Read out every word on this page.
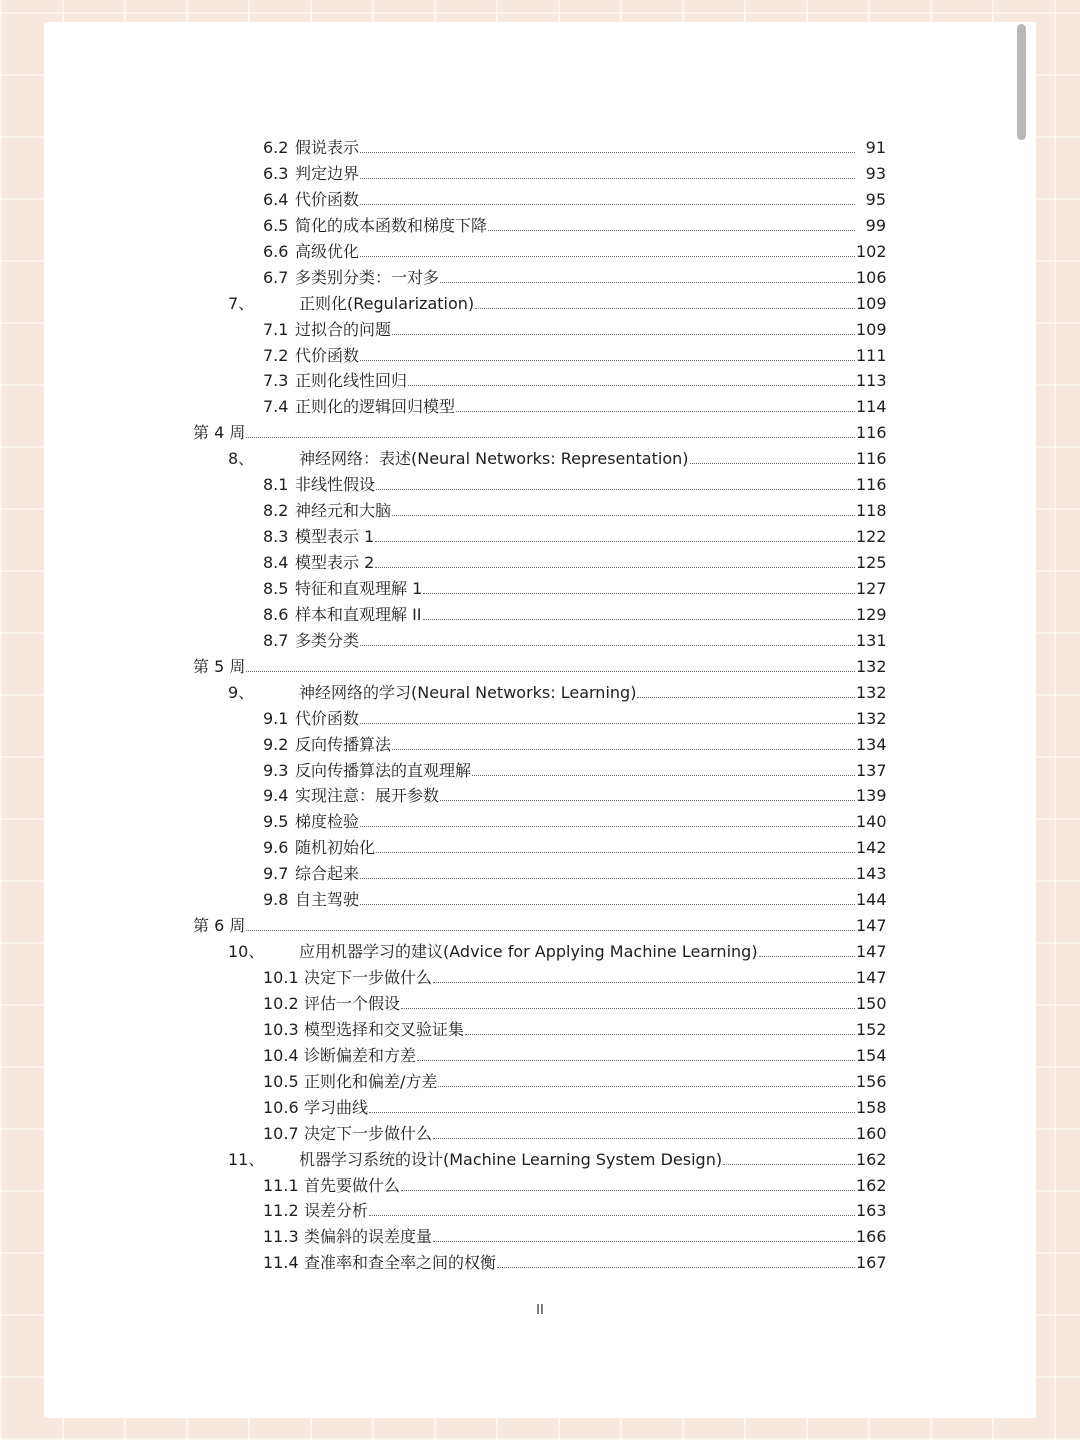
6.2 假说表示	91
6.3 判定边界	93
6.4 代价函数	95
6.5 简化的成本函数和梯度下降	99
6.6 高级优化	102
6.7 多类别分类：一对多	106
7、	正则化(Regularization)	109
7.1 过拟合的问题	109
7.2 代价函数	111
7.3 正则化线性回归	113
7.4 正则化的逻辑回归模型	114
第 4 周	116
8、	神经网络：表述(Neural Networks: Representation)	116
8.1 非线性假设	116
8.2 神经元和大脑	118
8.3 模型表示 1	122
8.4 模型表示 2	125
8.5 特征和直观理解 1	127
8.6 样本和直观理解 II	129
8.7 多类分类	131
第 5 周	132
9、	神经网络的学习(Neural Networks: Learning)	132
9.1 代价函数	132
9.2 反向传播算法	134
9.3 反向传播算法的直观理解	137
9.4 实现注意：展开参数	139
9.5 梯度检验	140
9.6 随机初始化	142
9.7 综合起来	143
9.8 自主驾驶	144
第 6 周	147
10、	应用机器学习的建议(Advice for Applying Machine Learning)	147
10.1 决定下一步做什么	147
10.2 评估一个假设	150
10.3 模型选择和交叉验证集	152
10.4 诊断偏差和方差	154
10.5 正则化和偏差/方差	156
10.6 学习曲线	158
10.7 决定下一步做什么	160
11、	机器学习系统的设计(Machine Learning System Design)	162
11.1 首先要做什么	162
11.2 误差分析	163
11.3 类偏斜的误差度量	166
11.4 查准率和查全率之间的权衡	167
II
